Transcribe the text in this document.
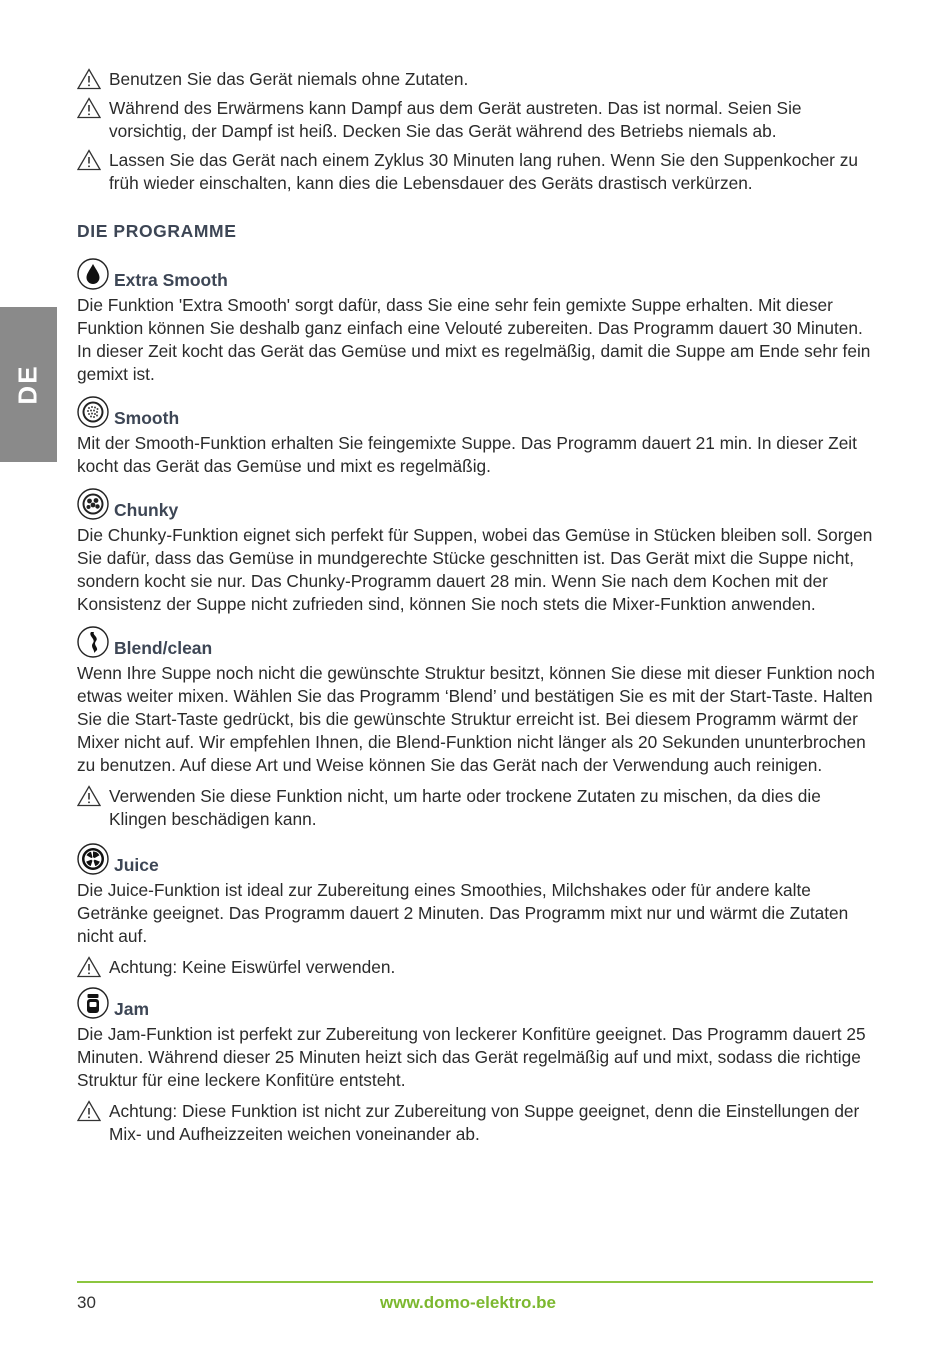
DE
Benutzen Sie das Gerät niemals ohne Zutaten.
Während des Erwärmens kann Dampf aus dem Gerät austreten. Das ist normal. Seien Sie vorsichtig, der Dampf ist heiß. Decken Sie das Gerät während des Betriebs niemals ab.
Lassen Sie das Gerät nach einem Zyklus 30 Minuten lang ruhen. Wenn Sie den Suppenkocher zu früh wieder einschalten, kann dies die Lebensdauer des Geräts drastisch verkürzen.
DIE PROGRAMME
Extra Smooth

Die Funktion 'Extra Smooth' sorgt dafür, dass Sie eine sehr fein gemixte Suppe erhalten. Mit dieser Funktion können Sie deshalb ganz einfach eine Velouté zubereiten. Das Programm dauert 30 Minuten. In dieser Zeit kocht das Gerät das Gemüse und mixt es regelmäßig, damit die Suppe am Ende sehr fein gemixt ist.

Smooth

Mit der Smooth-Funktion erhalten Sie feingemixte Suppe. Das Programm dauert 21 min. In dieser Zeit kocht das Gerät das Gemüse und mixt es regelmäßig.

Chunky

Die Chunky-Funktion eignet sich perfekt für Suppen, wobei das Gemüse in Stücken bleiben soll. Sorgen Sie dafür, dass das Gemüse in mundgerechte Stücke geschnitten ist. Das Gerät mixt die Suppe nicht, sondern kocht sie nur. Das Chunky-Programm dauert 28 min. Wenn Sie nach dem Kochen mit der Konsistenz der Suppe nicht zufrieden sind, können Sie noch stets die Mixer-Funktion anwenden.

Blend/clean

Wenn Ihre Suppe noch nicht die gewünschte Struktur besitzt, können Sie diese mit dieser Funktion noch etwas weiter mixen. Wählen Sie das Programm ‘Blend’ und bestätigen Sie es mit der Start-Taste. Halten Sie die Start-Taste gedrückt, bis die gewünschte Struktur erreicht ist. Bei diesem Programm wärmt der Mixer nicht auf. Wir empfehlen Ihnen, die Blend-Funktion nicht länger als 20 Sekunden ununterbrochen zu benutzen. Auf diese Art und Weise können Sie das Gerät nach der Verwendung auch reinigen.

Verwenden Sie diese Funktion nicht, um harte oder trockene Zutaten zu mischen, da dies die Klingen beschädigen kann.
Juice

Die Juice-Funktion ist ideal zur Zubereitung eines Smoothies, Milchshakes oder für andere kalte Getränke geeignet. Das Programm dauert 2 Minuten. Das Programm mixt nur und wärmt die Zutaten nicht auf.

Achtung: Keine Eiswürfel verwenden.
Jam

Die Jam-Funktion ist perfekt zur Zubereitung von leckerer Konfitüre geeignet. Das Programm dauert 25 Minuten. Während dieser 25 Minuten heizt sich das Gerät regelmäßig auf und mixt, sodass die richtige Struktur für eine leckere Konfitüre entsteht.

Achtung: Diese Funktion ist nicht zur Zubereitung von Suppe geeignet, denn die Einstellungen der Mix- und Aufheizzeiten weichen voneinander ab.
30	www.domo-elektro.be
